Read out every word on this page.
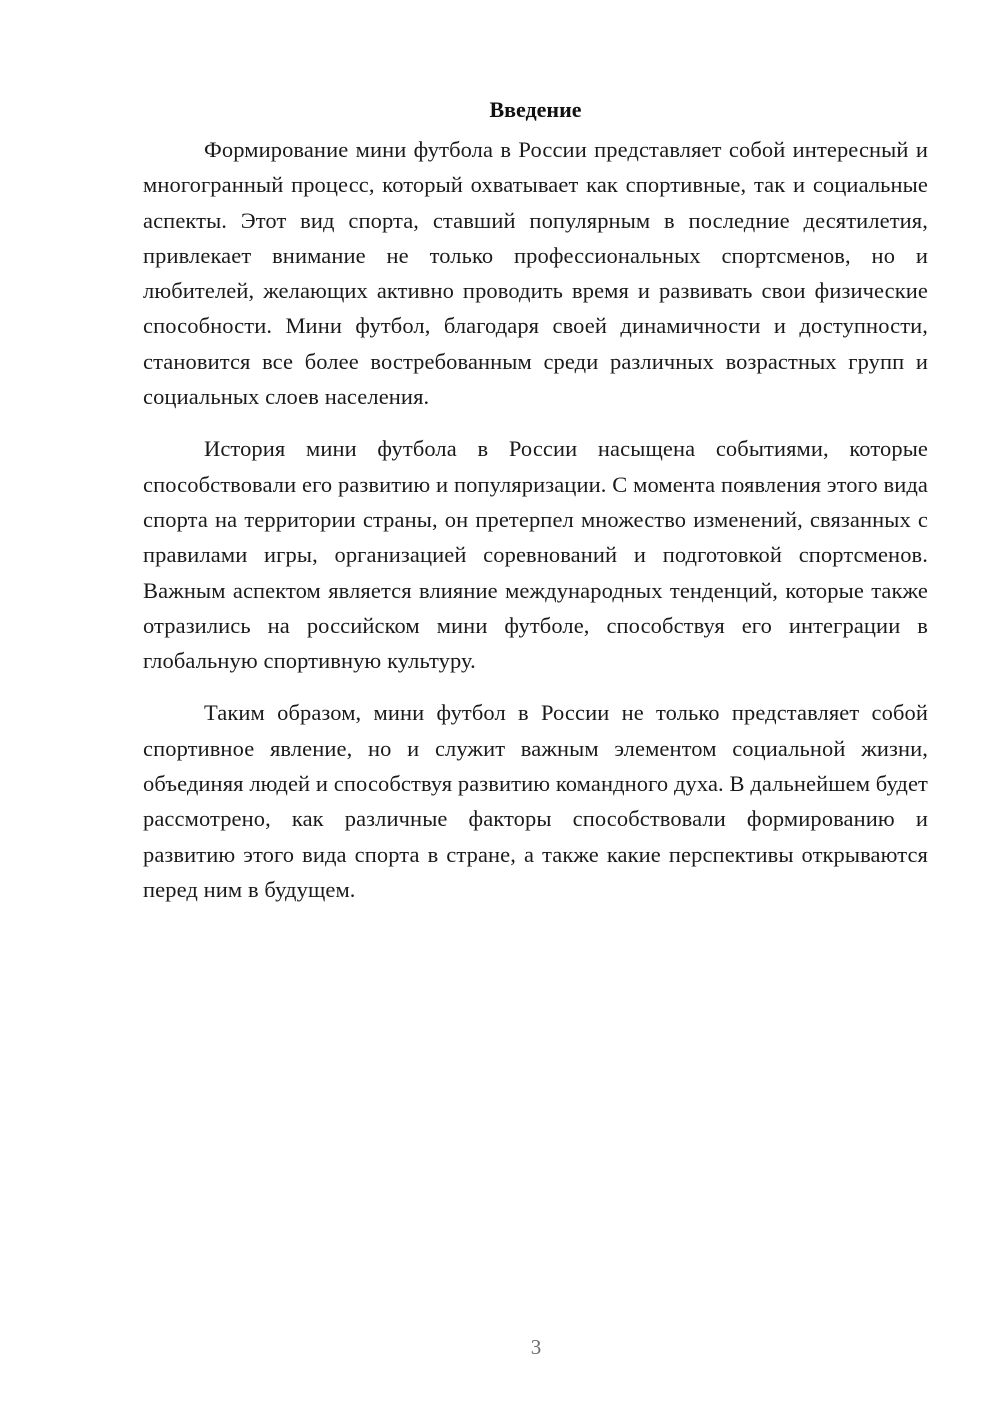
Введение

Формирование мини футбола в России представляет собой интересный и многогранный процесс, который охватывает как спортивные, так и социальные аспекты. Этот вид спорта, ставший популярным в последние десятилетия, привлекает внимание не только профессиональных спортсменов, но и любителей, желающих активно проводить время и развивать свои физические способности. Мини футбол, благодаря своей динамичности и доступности, становится все более востребованным среди различных возрастных групп и социальных слоев населения.

История мини футбола в России насыщена событиями, которые способствовали его развитию и популяризации. С момента появления этого вида спорта на территории страны, он претерпел множество изменений, связанных с правилами игры, организацией соревнований и подготовкой спортсменов. Важным аспектом является влияние международных тенденций, которые также отразились на российском мини футболе, способствуя его интеграции в глобальную спортивную культуру.

Таким образом, мини футбол в России не только представляет собой спортивное явление, но и служит важным элементом социальной жизни, объединяя людей и способствуя развитию командного духа. В дальнейшем будет рассмотрено, как различные факторы способствовали формированию и развитию этого вида спорта в стране, а также какие перспективы открываются перед ним в будущем.

3
